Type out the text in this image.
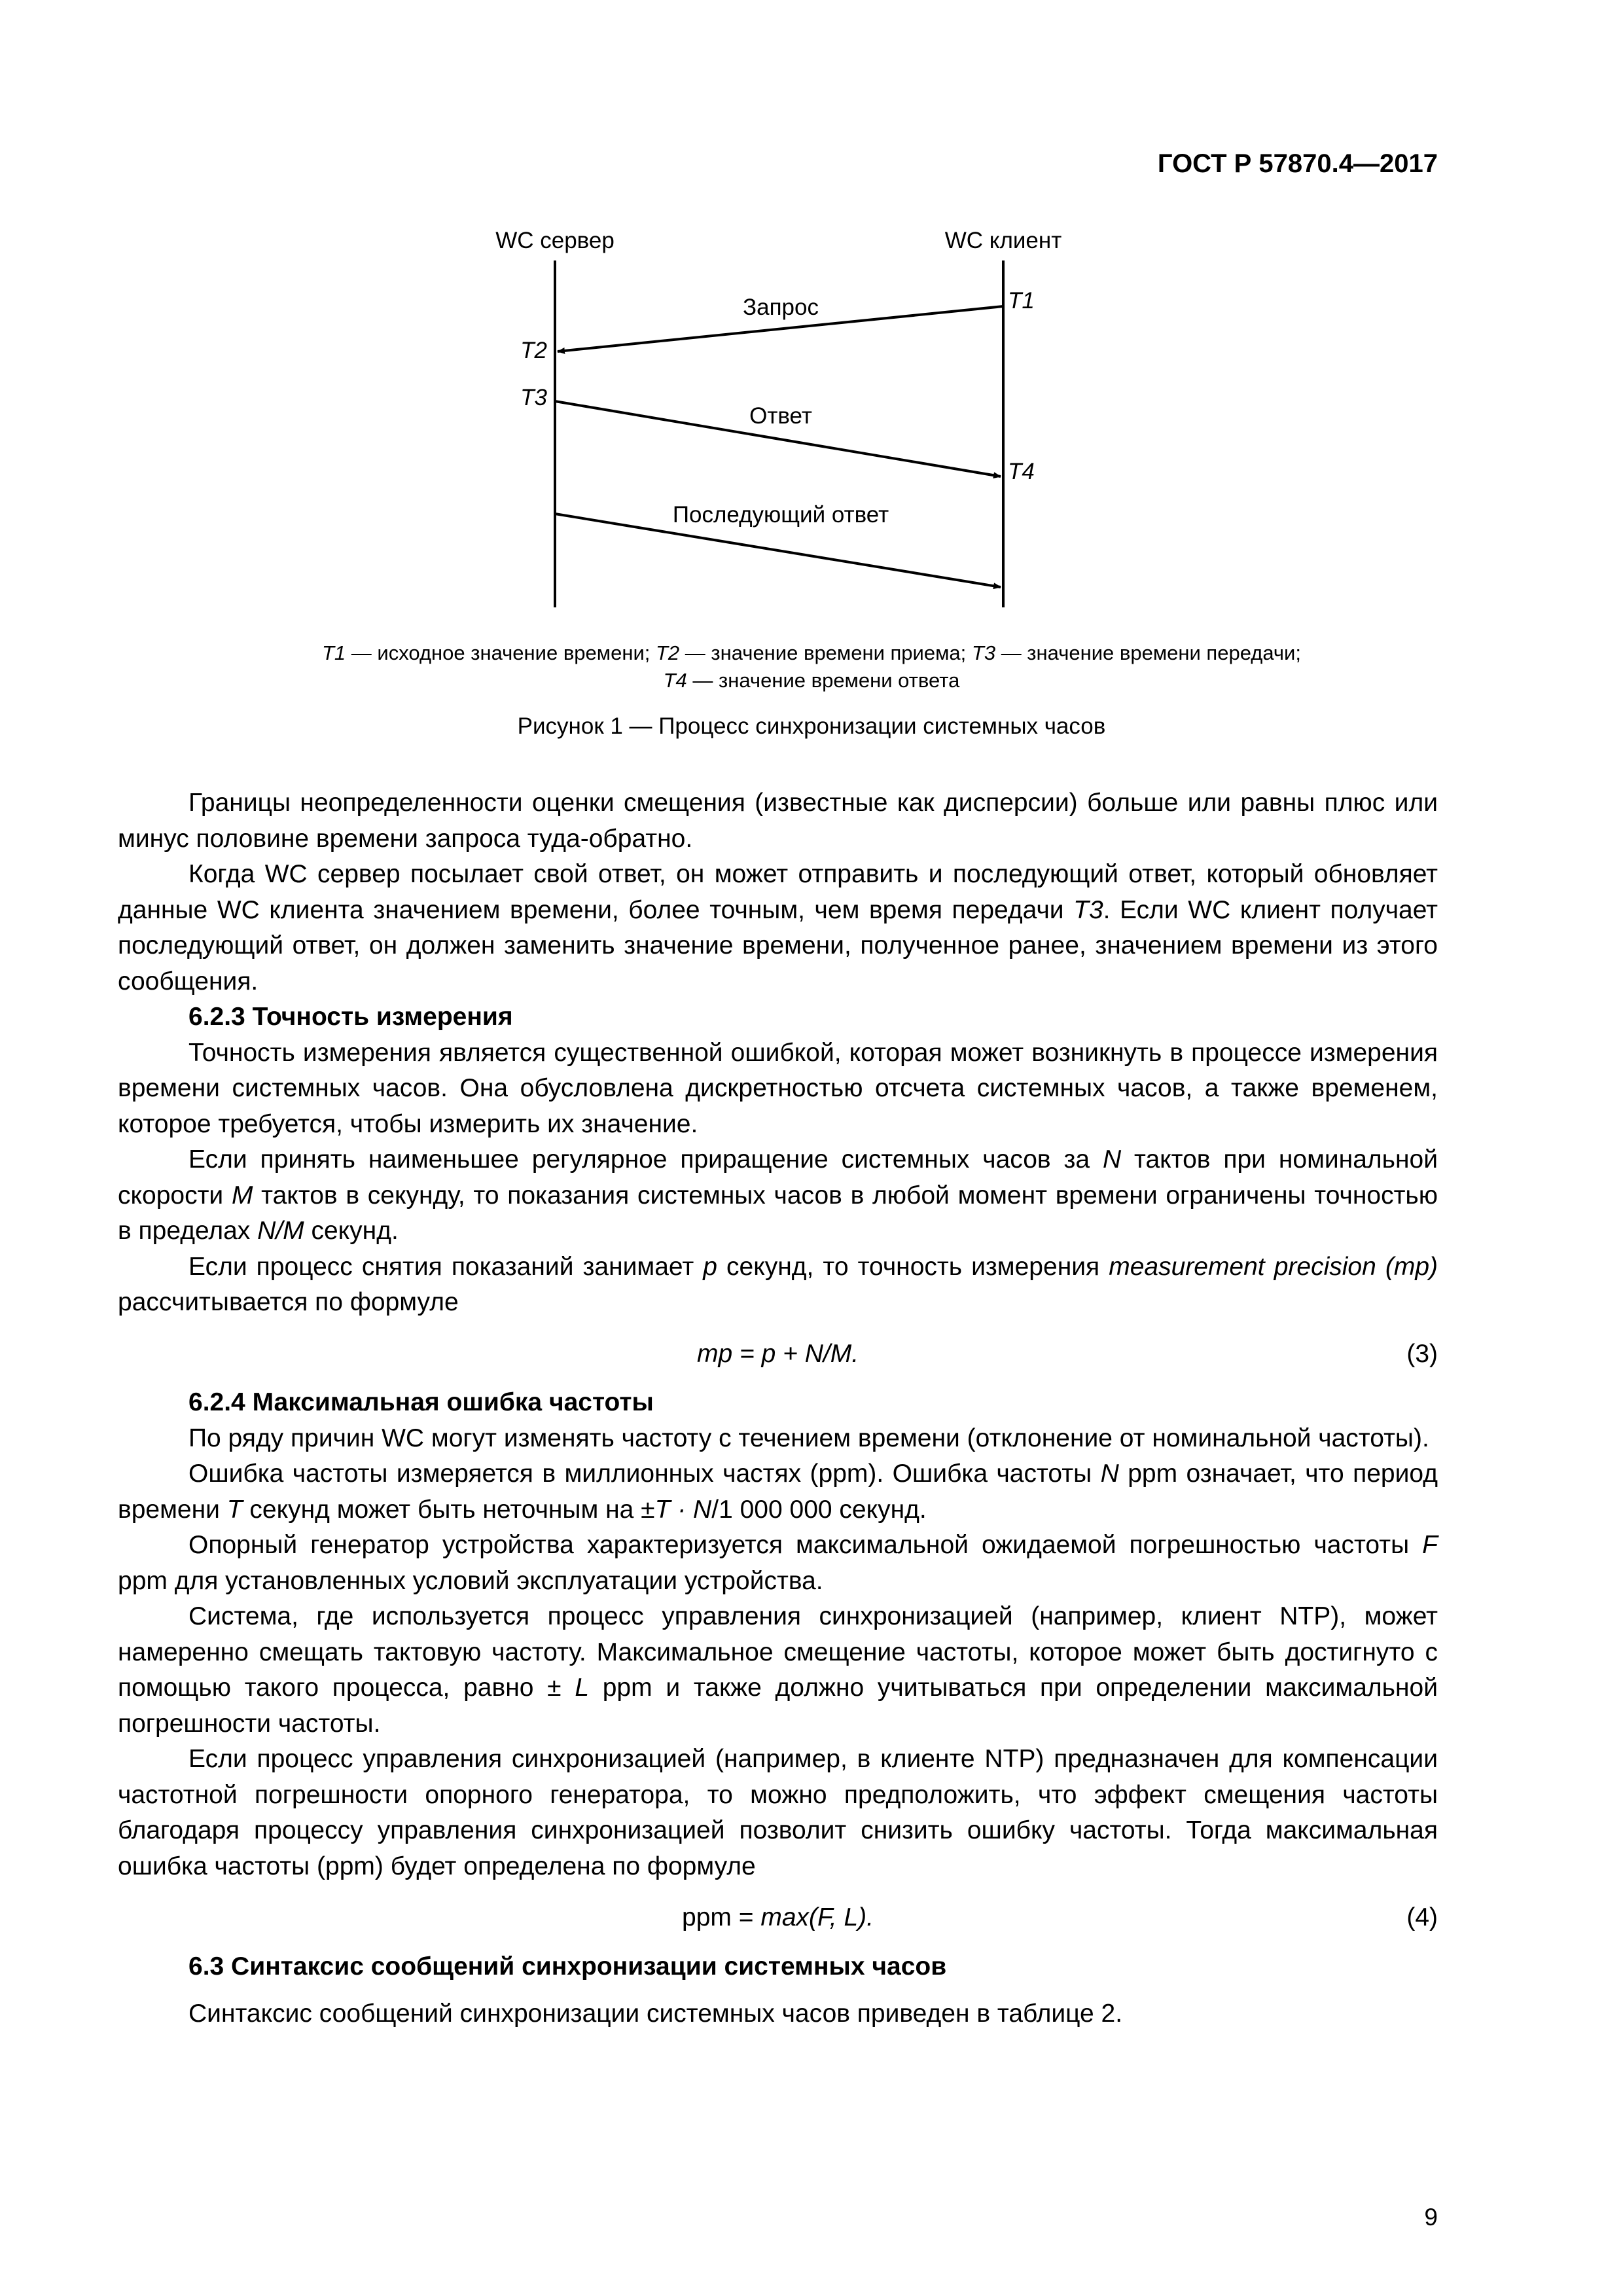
ГОСТ Р 57870.4—2017
WC сервер	WC клиент
Запрос
Ответ
Последующий ответ
T1
T2
T3
T4
T1 — исходное значение времени; T2 — значение времени приема; T3 — значение времени передачи;
T4 — значение времени ответа
Рисунок 1 — Процесс синхронизации системных часов

Границы неопределенности оценки смещения (известные как дисперсии) больше или равны плюс или минус половине времени запроса туда-обратно.

Когда WC сервер посылает свой ответ, он может отправить и последующий ответ, который обновляет данные WC клиента значением времени, более точным, чем время передачи T3. Если WC клиент получает последующий ответ, он должен заменить значение времени, полученное ранее, значением времени из этого сообщения.

6.2.3 Точность измерения

Точность измерения является существенной ошибкой, которая может возникнуть в процессе измерения времени системных часов. Она обусловлена дискретностью отсчета системных часов, а также временем, которое требуется, чтобы измерить их значение.

Если принять наименьшее регулярное приращение системных часов за N тактов при номинальной скорости M тактов в секунду, то показания системных часов в любой момент времени ограничены точностью в пределах N/M секунд.

Если процесс снятия показаний занимает p секунд, то точность измерения measurement precision (mp) рассчитывается по формуле

mp = p + N/M.	(3)

6.2.4 Максимальная ошибка частоты

По ряду причин WC могут изменять частоту с течением времени (отклонение от номинальной частоты).

Ошибка частоты измеряется в миллионных частях (ppm). Ошибка частоты N ppm означает, что период времени T секунд может быть неточным на ±T · N/1 000 000 секунд.

Опорный генератор устройства характеризуется максимальной ожидаемой погрешностью частоты F ppm для установленных условий эксплуатации устройства.

Система, где используется процесс управления синхронизацией (например, клиент NTP), может намеренно смещать тактовую частоту. Максимальное смещение частоты, которое может быть достигнуто с помощью такого процесса, равно ± L ppm и также должно учитываться при определении максимальной погрешности частоты.

Если процесс управления синхронизацией (например, в клиенте NTP) предназначен для компенсации частотной погрешности опорного генератора, то можно предположить, что эффект смещения частоты благодаря процессу управления синхронизацией позволит снизить ошибку частоты. Тогда максимальная ошибка частоты (ppm) будет определена по формуле

ppm = max(F, L).	(4)

6.3 Синтаксис сообщений синхронизации системных часов

Синтаксис сообщений синхронизации системных часов приведен в таблице 2.

9
